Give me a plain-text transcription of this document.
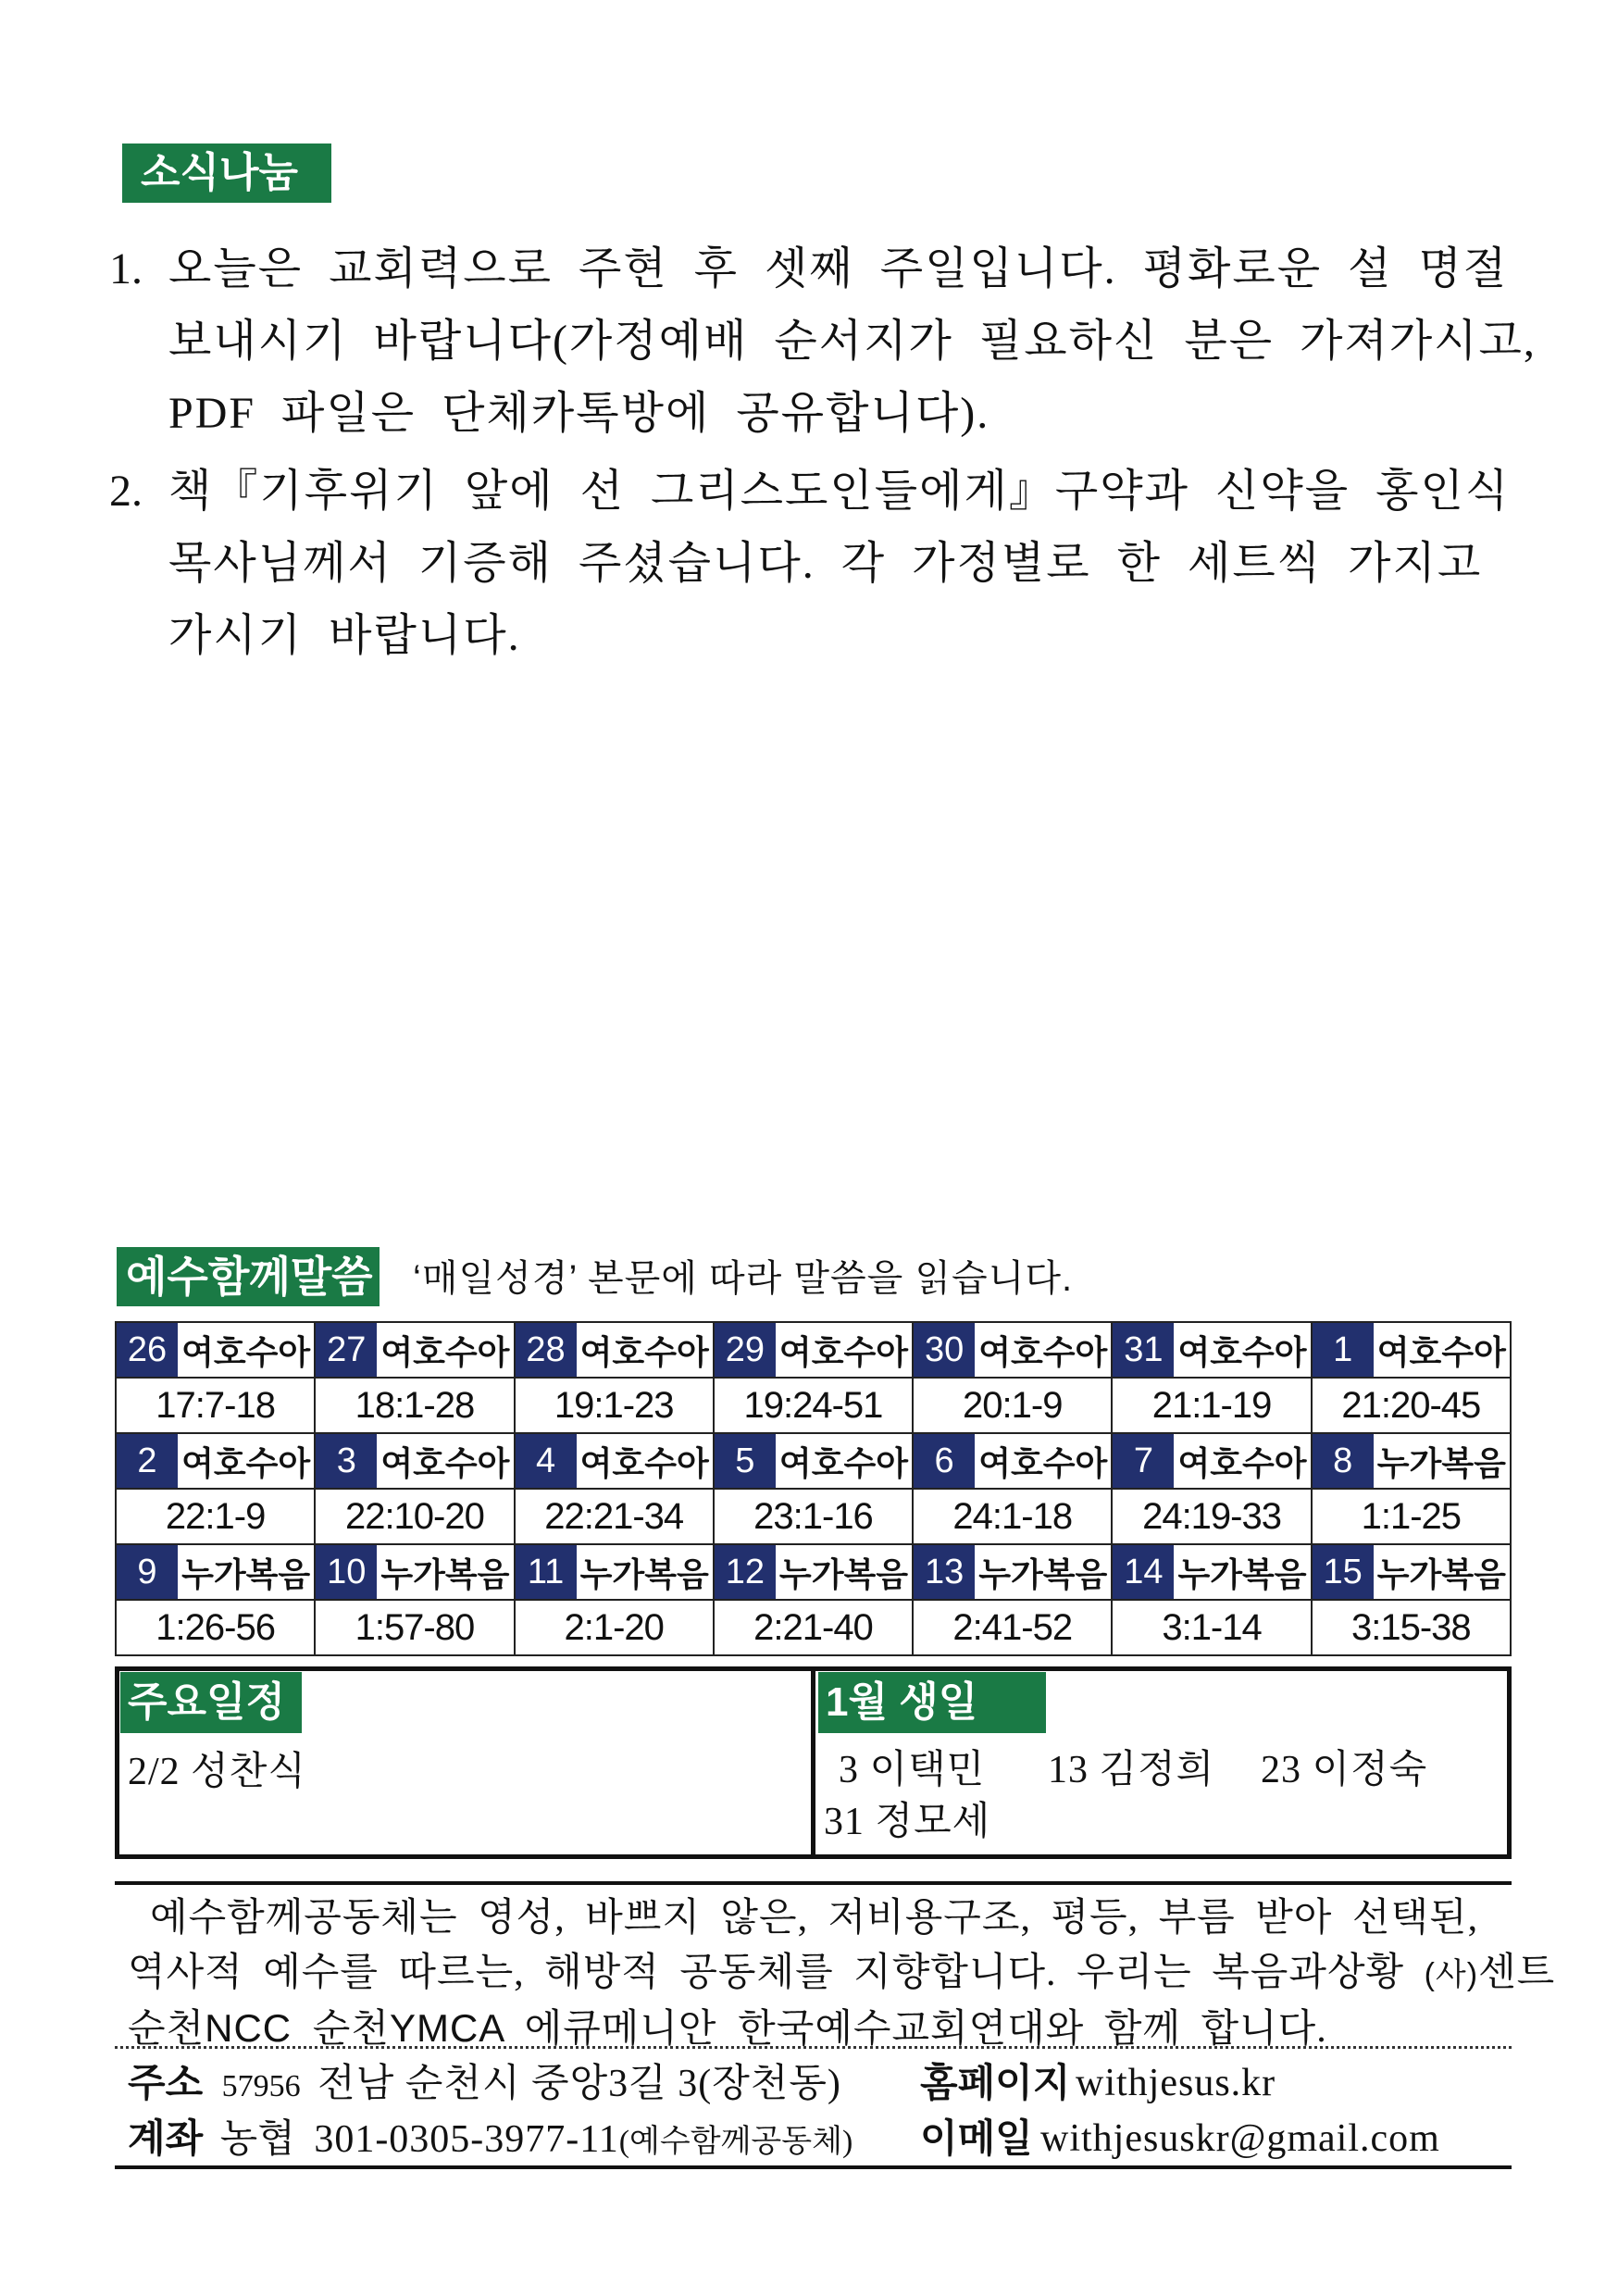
소식나눔
1. 오늘은 교회력으로 주현 후 셋째 주일입니다. 평화로운 설 명절
보내시기 바랍니다(가정예배 순서지가 필요하신 분은 가져가시고,
PDF 파일은 단체카톡방에 공유합니다).
2. 책『기후위기 앞에 선 그리스도인들에게』구약과 신약을 홍인식
목사님께서 기증해 주셨습니다. 각 가정별로 한 세트씩 가지고
가시기 바랍니다.
예수함께말씀 ‘매일성경’ 본문에 따라 말씀을 읽습니다.
26 여호수아	27 여호수아	28 여호수아	29 여호수아	30 여호수아	31 여호수아	1 여호수아

17:7-18	18:1-28	19:1-23	19:24-51	20:1-9	21:1-19	21:20-45

2 여호수아	3 여호수아	4 여호수아	5 여호수아	6 여호수아	7 여호수아	8 누가복음

22:1-9	22:10-20	22:21-34	23:1-16	24:1-18	24:19-33	1:1-25

9 누가복음	10 누가복음	11 누가복음	12 누가복음	13 누가복음	14 누가복음	15 누가복음

1:26-56	1:57-80	2:1-20	2:21-40	2:41-52	3:1-14	3:15-38
주요일정	1월 생일
2/2 성찬식	3 이택민 13 김정희 23 이정숙
31 정모세
예수함께공동체는 영성, 바쁘지 않은, 저비용구조, 평등, 부름 받아 선택된,
역사적 예수를 따르는, 해방적 공동체를 지향합니다. 우리는 복음과상황 (사)센트
순천NCC 순천YMCA 에큐메니안 한국예수교회연대와 함께 합니다.
주소 57956 전남 순천시 중앙3길 3(장천동) 홈페이지 withjesus.kr
계좌 농협 301-0305-3977-11(예수함께공동체) 이메일 withjesuskr@gmail.com
